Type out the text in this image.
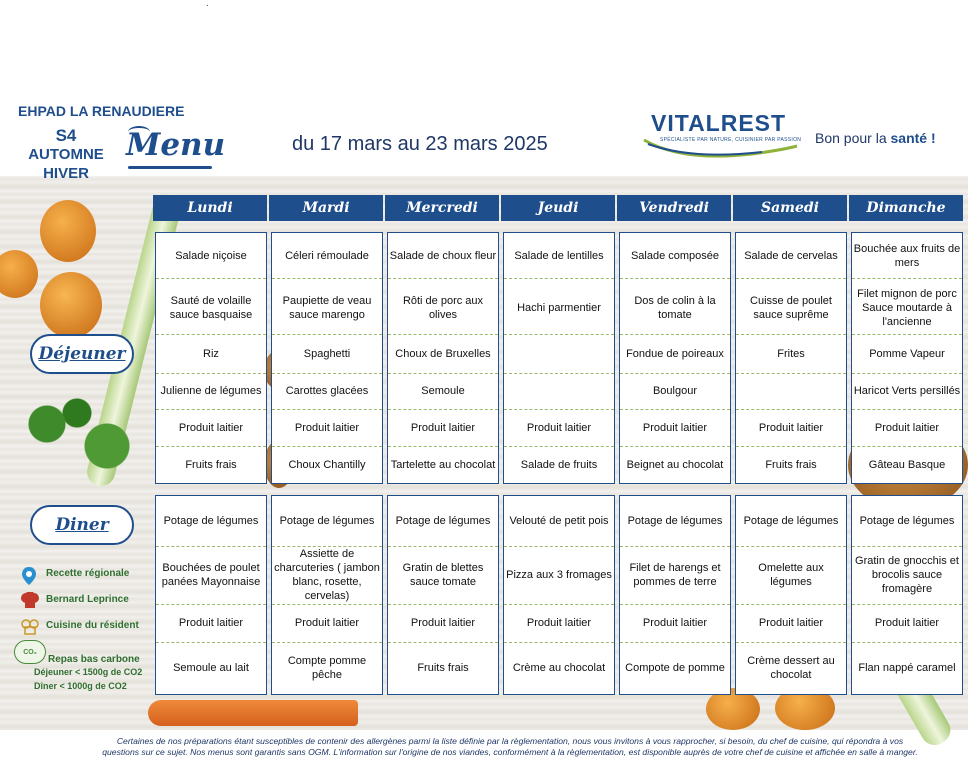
.
EHPAD LA RENAUDIERE
S4
AUTOMNE
HIVER
Menu	du 17 mars au 23 mars 2025
VITALREST
SPÉCIALISTE PAR NATURE, CUISINIER PAR PASSION Bon pour la santé !
Lundi
Salade niçoise
Sauté de volaille sauce basquaise
Riz
Julienne de légumes
Produit laitier
Fruits frais
Potage de légumes
Bouchées de poulet panées Mayonnaise
Produit laitier
Semoule au lait
Mardi
Céleri rémoulade
Paupiette de veau sauce marengo
Spaghetti
Carottes glacées
Produit laitier
Choux Chantilly
Potage de légumes
Assiette de charcuteries ( jambon blanc, rosette, cervelas)
Produit laitier
Compte pomme pêche
Mercredi
Salade de choux fleur
Rôti de porc aux olives
Choux de Bruxelles
Semoule
Produit laitier
Tartelette au chocolat
Potage de légumes
Gratin de blettes sauce tomate
Produit laitier
Fruits frais
Jeudi
Salade de lentilles
Hachi parmentier
Produit laitier
Salade de fruits
Velouté de petit pois
Pizza aux 3 fromages
Produit laitier
Crème au chocolat
Vendredi
Salade composée
Dos de colin à la tomate
Fondue de poireaux
Boulgour
Produit laitier
Beignet au chocolat
Potage de légumes
Filet de harengs et pommes de terre
Produit laitier
Compote de pomme
Samedi
Salade de cervelas
Cuisse de poulet sauce suprême
Frites
Produit laitier
Fruits frais
Potage de légumes
Omelette aux légumes
Produit laitier
Crème dessert au chocolat
Dimanche
Bouchée aux fruits de mers
Filet mignon de porc Sauce moutarde à l'ancienne
Pomme Vapeur
Haricot Verts persillés
Produit laitier
Gâteau Basque
Potage de légumes
Gratin de gnocchis et brocolis sauce fromagère
Produit laitier
Flan nappé caramel
Déjeuner
Diner
Recette régionale
Bernard Leprince
Cuisine du résident
CO₂
Repas bas carbone
Déjeuner < 1500g de CO2
Dîner < 1000g de CO2
Certaines de nos préparations étant susceptibles de contenir des allergènes parmi la liste définie par la règlementation, nous vous invitons à vous rapprocher, si besoin, du chef de cuisine, qui répondra à vos
questions sur ce sujet. Nos menus sont garantis sans OGM. L'information sur l'origine de nos viandes, conformément à la règlementation, est disponible auprès de votre chef de cuisine et affichée en salle à manger.
